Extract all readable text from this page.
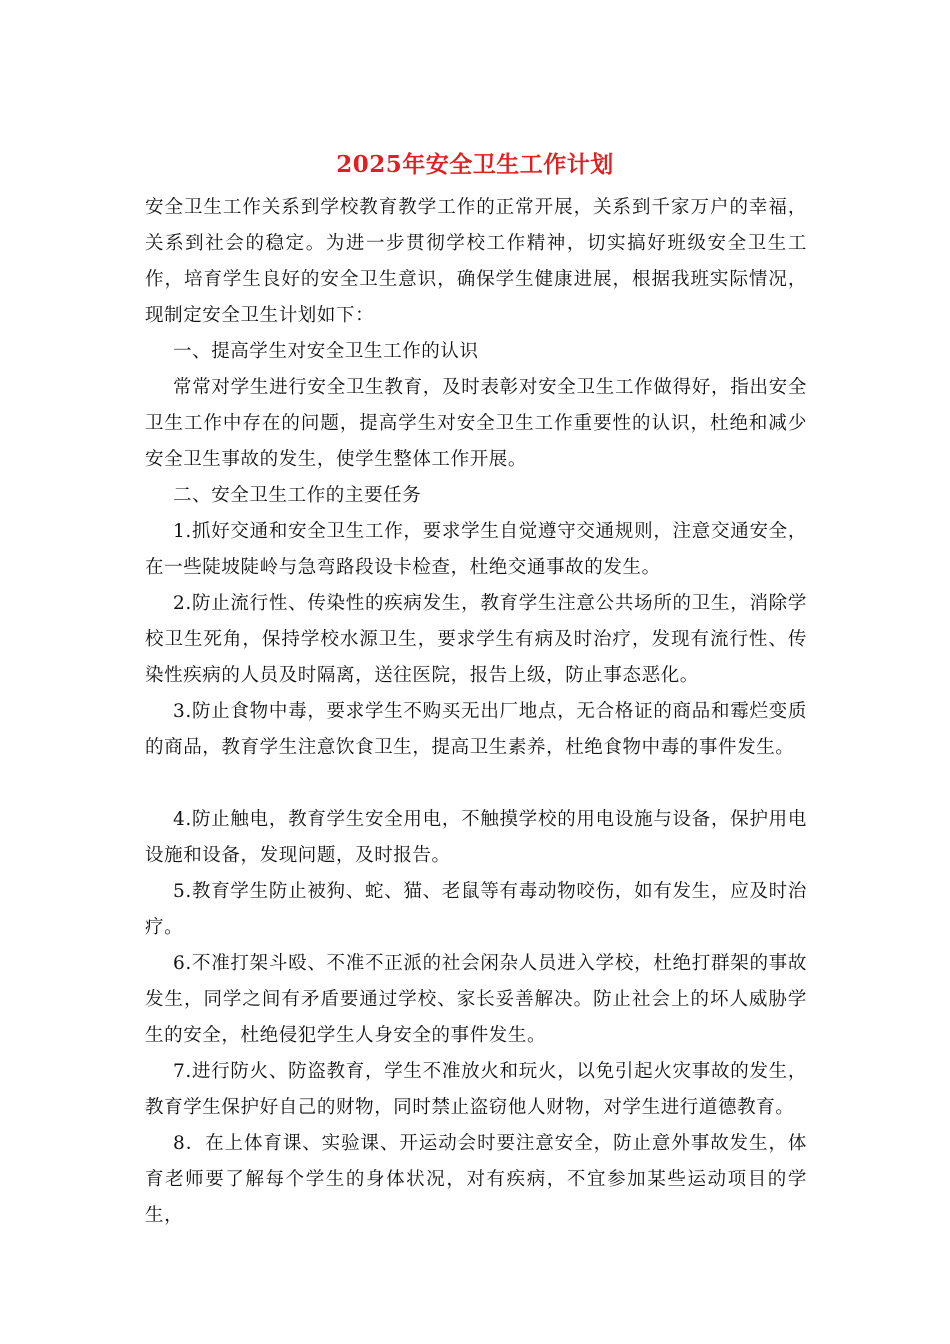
2025年安全卫生工作计划

安全卫生工作关系到学校教育教学工作的正常开展，关系到千家万户的幸福，关系到社会的稳定。为进一步贯彻学校工作精神，切实搞好班级安全卫生工作，培育学生良好的安全卫生意识，确保学生健康进展，根据我班实际情况，现制定安全卫生计划如下：

一、提高学生对安全卫生工作的认识

常常对学生进行安全卫生教育，及时表彰对安全卫生工作做得好，指出安全卫生工作中存在的问题，提高学生对安全卫生工作重要性的认识，杜绝和减少安全卫生事故的发生，使学生整体工作开展。

二、安全卫生工作的主要任务

1.抓好交通和安全卫生工作，要求学生自觉遵守交通规则，注意交通安全，在一些陡坡陡岭与急弯路段设卡检查，杜绝交通事故的发生。

2.防止流行性、传染性的疾病发生，教育学生注意公共场所的卫生，消除学校卫生死角，保持学校水源卫生，要求学生有病及时治疗，发现有流行性、传染性疾病的人员及时隔离，送往医院，报告上级，防止事态恶化。

3.防止食物中毒，要求学生不购买无出厂地点，无合格证的商品和霉烂变质的商品，教育学生注意饮食卫生，提高卫生素养，杜绝食物中毒的事件发生。

4.防止触电，教育学生安全用电，不触摸学校的用电设施与设备，保护用电设施和设备，发现问题，及时报告。

5.教育学生防止被狗、蛇、猫、老鼠等有毒动物咬伤，如有发生，应及时治疗。

6.不准打架斗殴、不准不正派的社会闲杂人员进入学校，杜绝打群架的事故发生，同学之间有矛盾要通过学校、家长妥善解决。防止社会上的坏人威胁学生的安全，杜绝侵犯学生人身安全的事件发生。

7.进行防火、防盗教育，学生不准放火和玩火，以免引起火灾事故的发生，教育学生保护好自己的财物，同时禁止盗窃他人财物，对学生进行道德教育。

8．在上体育课、实验课、开运动会时要注意安全，防止意外事故发生，体育老师要了解每个学生的身体状况，对有疾病，不宜参加某些运动项目的学生，
